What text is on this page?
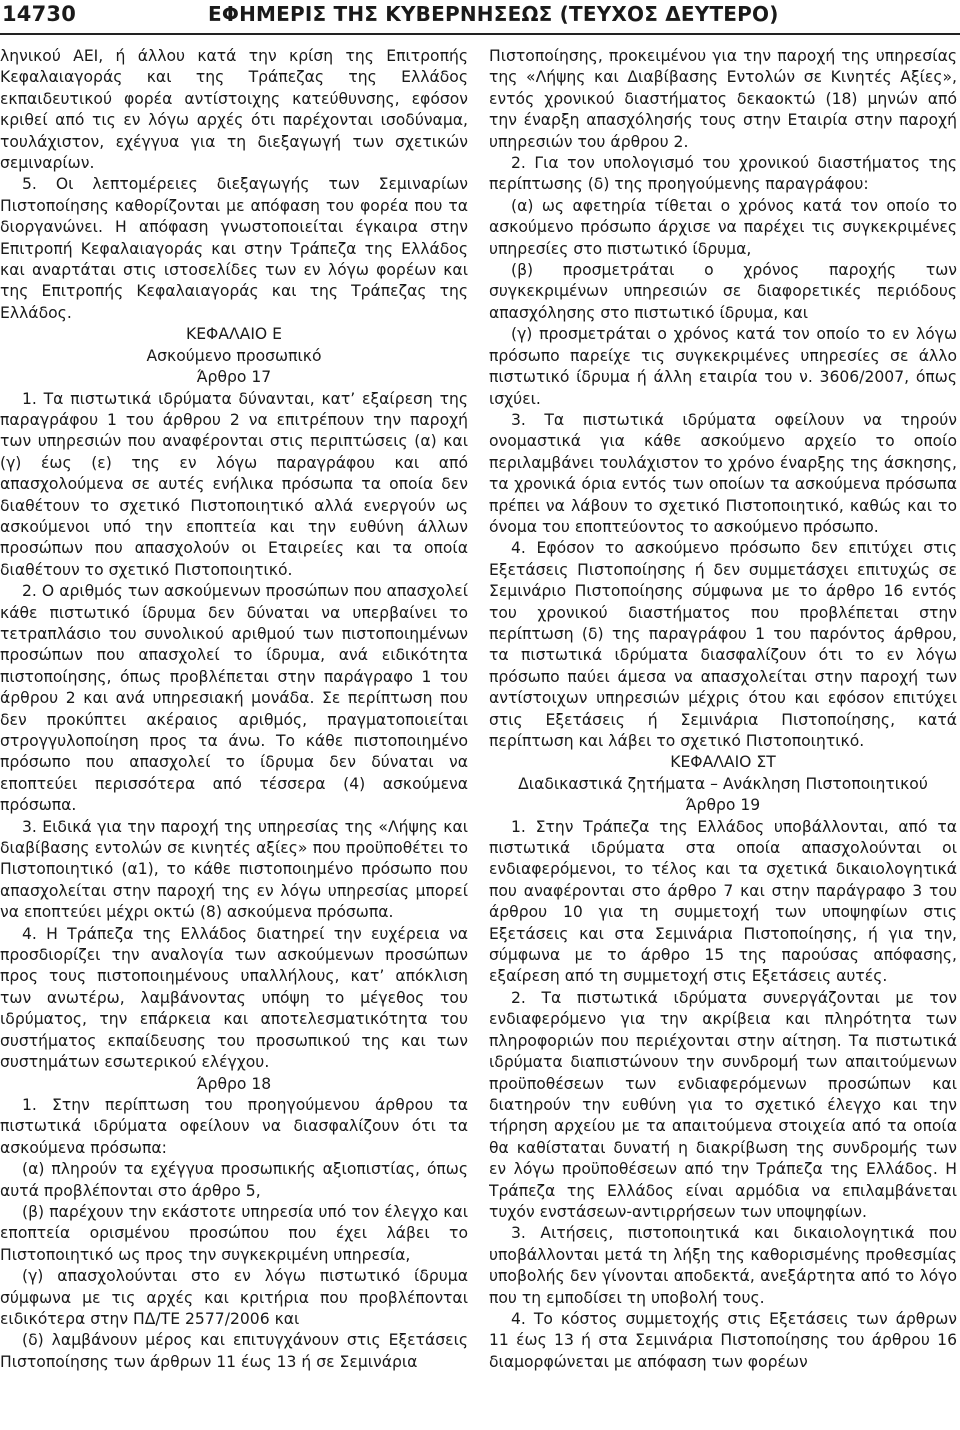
14730	ΕΦΗΜΕΡΙΣ ΤΗΣ ΚΥΒΕΡΝΗΣΕΩΣ (ΤΕΥΧΟΣ ΔΕΥΤΕΡΟ)

ληνικού ΑΕΙ, ή άλλου κατά την κρίση της Επιτροπής Κεφαλαιαγοράς και της Τράπεζας της Ελλάδος εκπαιδευτικού φορέα αντίστοιχης κατεύθυνσης, εφόσον κριθεί από τις εν λόγω αρχές ότι παρέχονται ισοδύναμα, τουλάχιστον, εχέγγυα για τη διεξαγωγή των σχετικών σεμιναρίων.

5. Οι λεπτομέρειες διεξαγωγής των Σεμιναρίων Πιστοποίησης καθορίζονται με απόφαση του φορέα που τα διοργανώνει. Η απόφαση γνωστοποιείται έγκαιρα στην Επιτροπή Κεφαλαιαγοράς και στην Τράπεζα της Ελλάδος και αναρτάται στις ιστοσελίδες των εν λόγω φορέων και της Επιτροπής Κεφαλαιαγοράς και της Τράπεζας της Ελλάδος.

ΚΕΦΑΛΑΙΟ Ε

Ασκούμενο προσωπικό

Άρθρο 17

1. Τα πιστωτικά ιδρύματα δύνανται, κατ’ εξαίρεση της παραγράφου 1 του άρθρου 2 να επιτρέπουν την παροχή των υπηρεσιών που αναφέρονται στις περιπτώσεις (α) και (γ) έως (ε) της εν λόγω παραγράφου και από απασχολούμενα σε αυτές ενήλικα πρόσωπα τα οποία δεν διαθέτουν το σχετικό Πιστοποιητικό αλλά ενεργούν ως ασκούμενοι υπό την εποπτεία και την ευθύνη άλλων προσώπων που απασχολούν οι Εταιρείες και τα οποία διαθέτουν το σχετικό Πιστοποιητικό.

2. Ο αριθμός των ασκούμενων προσώπων που απασχολεί κάθε πιστωτικό ίδρυμα δεν δύναται να υπερβαίνει το τετραπλάσιο του συνολικού αριθμού των πιστοποιημένων προσώπων που απασχολεί το ίδρυμα, ανά ειδικότητα πιστοποίησης, όπως προβλέπεται στην παράγραφο 1 του άρθρου 2 και ανά υπηρεσιακή μονάδα. Σε περίπτωση που δεν προκύπτει ακέραιος αριθμός, πραγματοποιείται στρογγυλοποίηση προς τα άνω. Το κάθε πιστοποιημένο πρόσωπο που απασχολεί το ίδρυμα δεν δύναται να εποπτεύει περισσότερα από τέσσερα (4) ασκούμενα πρόσωπα.

3. Ειδικά για την παροχή της υπηρεσίας της «Λήψης και διαβίβασης εντολών σε κινητές αξίες» που προϋποθέτει το Πιστοποιητικό (α1), το κάθε πιστοποιημένο πρόσωπο που απασχολείται στην παροχή της εν λόγω υπηρεσίας μπορεί να εποπτεύει μέχρι οκτώ (8) ασκούμενα πρόσωπα.

4. Η Τράπεζα της Ελλάδος διατηρεί την ευχέρεια να προσδιορίζει την αναλογία των ασκούμενων προσώπων προς τους πιστοποιημένους υπαλλήλους, κατ’ απόκλιση των ανωτέρω, λαμβάνοντας υπόψη το μέγεθος του ιδρύματος, την επάρκεια και αποτελεσματικότητα του συστήματος εκπαίδευσης του προσωπικού της και των συστημάτων εσωτερικού ελέγχου.

Άρθρο 18

1. Στην περίπτωση του προηγούμενου άρθρου τα πιστωτικά ιδρύματα οφείλουν να διασφαλίζουν ότι τα ασκούμενα πρόσωπα:

(α) πληρούν τα εχέγγυα προσωπικής αξιοπιστίας, όπως αυτά προβλέπονται στο άρθρο 5,

(β) παρέχουν την εκάστοτε υπηρεσία υπό τον έλεγχο και εποπτεία ορισμένου προσώπου που έχει λάβει το Πιστοποιητικό ως προς την συγκεκριμένη υπηρεσία,

(γ) απασχολούνται στο εν λόγω πιστωτικό ίδρυμα σύμφωνα με τις αρχές και κριτήρια που προβλέπονται ειδικότερα στην ΠΔ/ΤΕ 2577/2006 και

(δ) λαμβάνουν μέρος και επιτυγχάνουν στις Εξετάσεις Πιστοποίησης των άρθρων 11 έως 13 ή σε Σεμινάρια

Πιστοποίησης, προκειμένου για την παροχή της υπηρεσίας της «Λήψης και Διαβίβασης Εντολών σε Κινητές Αξίες», εντός χρονικού διαστήματος δεκαοκτώ (18) μηνών από την έναρξη απασχόλησής τους στην Εταιρία στην παροχή υπηρεσιών του άρθρου 2.

2. Για τον υπολογισμό του χρονικού διαστήματος της περίπτωσης (δ) της προηγούμενης παραγράφου:

(α) ως αφετηρία τίθεται ο χρόνος κατά τον οποίο το ασκούμενο πρόσωπο άρχισε να παρέχει τις συγκεκριμένες υπηρεσίες στο πιστωτικό ίδρυμα,

(β) προσμετράται ο χρόνος παροχής των συγκεκριμένων υπηρεσιών σε διαφορετικές περιόδους απασχόλησης στο πιστωτικό ίδρυμα, και

(γ) προσμετράται ο χρόνος κατά τον οποίο το εν λόγω πρόσωπο παρείχε τις συγκεκριμένες υπηρεσίες σε άλλο πιστωτικό ίδρυμα ή άλλη εταιρία του ν. 3606/2007, όπως ισχύει.

3. Τα πιστωτικά ιδρύματα οφείλουν να τηρούν ονομαστικά για κάθε ασκούμενο αρχείο το οποίο περιλαμβάνει τουλάχιστον το χρόνο έναρξης της άσκησης, τα χρονικά όρια εντός των οποίων τα ασκούμενα πρόσωπα πρέπει να λάβουν το σχετικό Πιστοποιητικό, καθώς και το όνομα του εποπτεύοντος το ασκούμενο πρόσωπο.

4. Εφόσον το ασκούμενο πρόσωπο δεν επιτύχει στις Εξετάσεις Πιστοποίησης ή δεν συμμετάσχει επιτυχώς σε Σεμινάριο Πιστοποίησης σύμφωνα με το άρθρο 16 εντός του χρονικού διαστήματος που προβλέπεται στην περίπτωση (δ) της παραγράφου 1 του παρόντος άρθρου, τα πιστωτικά ιδρύματα διασφαλίζουν ότι το εν λόγω πρόσωπο παύει άμεσα να απασχολείται στην παροχή των αντίστοιχων υπηρεσιών μέχρις ότου και εφόσον επιτύχει στις Εξετάσεις ή Σεμινάρια Πιστοποίησης, κατά περίπτωση και λάβει το σχετικό Πιστοποιητικό.

ΚΕΦΑΛΑΙΟ ΣΤ

Διαδικαστικά ζητήματα – Ανάκληση Πιστοποιητικού

Άρθρο 19

1. Στην Τράπεζα της Ελλάδος υποβάλλονται, από τα πιστωτικά ιδρύματα στα οποία απασχολούνται οι ενδιαφερόμενοι, το τέλος και τα σχετικά δικαιολογητικά που αναφέρονται στο άρθρο 7 και στην παράγραφο 3 του άρθρου 10 για τη συμμετοχή των υποψηφίων στις Εξετάσεις και στα Σεμινάρια Πιστοποίησης, ή για την, σύμφωνα με το άρθρο 15 της παρούσας απόφασης, εξαίρεση από τη συμμετοχή στις Εξετάσεις αυτές.

2. Τα πιστωτικά ιδρύματα συνεργάζονται με τον ενδιαφερόμενο για την ακρίβεια και πληρότητα των πληροφοριών που περιέχονται στην αίτηση. Τα πιστωτικά ιδρύματα διαπιστώνουν την συνδρομή των απαιτούμενων προϋποθέσεων των ενδιαφερόμενων προσώπων και διατηρούν την ευθύνη για το σχετικό έλεγχο και την τήρηση αρχείου με τα απαιτούμενα στοιχεία από τα οποία θα καθίσταται δυνατή η διακρίβωση της συνδρομής των εν λόγω προϋποθέσεων από την Τράπεζα της Ελλάδος. Η Τράπεζα της Ελλάδος είναι αρμόδια να επιλαμβάνεται τυχόν ενστάσεων-αντιρρήσεων των υποψηφίων.

3. Αιτήσεις, πιστοποιητικά και δικαιολογητικά που υποβάλλονται μετά τη λήξη της καθορισμένης προθεσμίας υποβολής δεν γίνονται αποδεκτά, ανεξάρτητα από το λόγο που τη εμποδίσει τη υποβολή τους.

4. Το κόστος συμμετοχής στις Εξετάσεις των άρθρων 11 έως 13 ή στα Σεμινάρια Πιστοποίησης του άρθρου 16 διαμορφώνεται με απόφαση των φορέων
